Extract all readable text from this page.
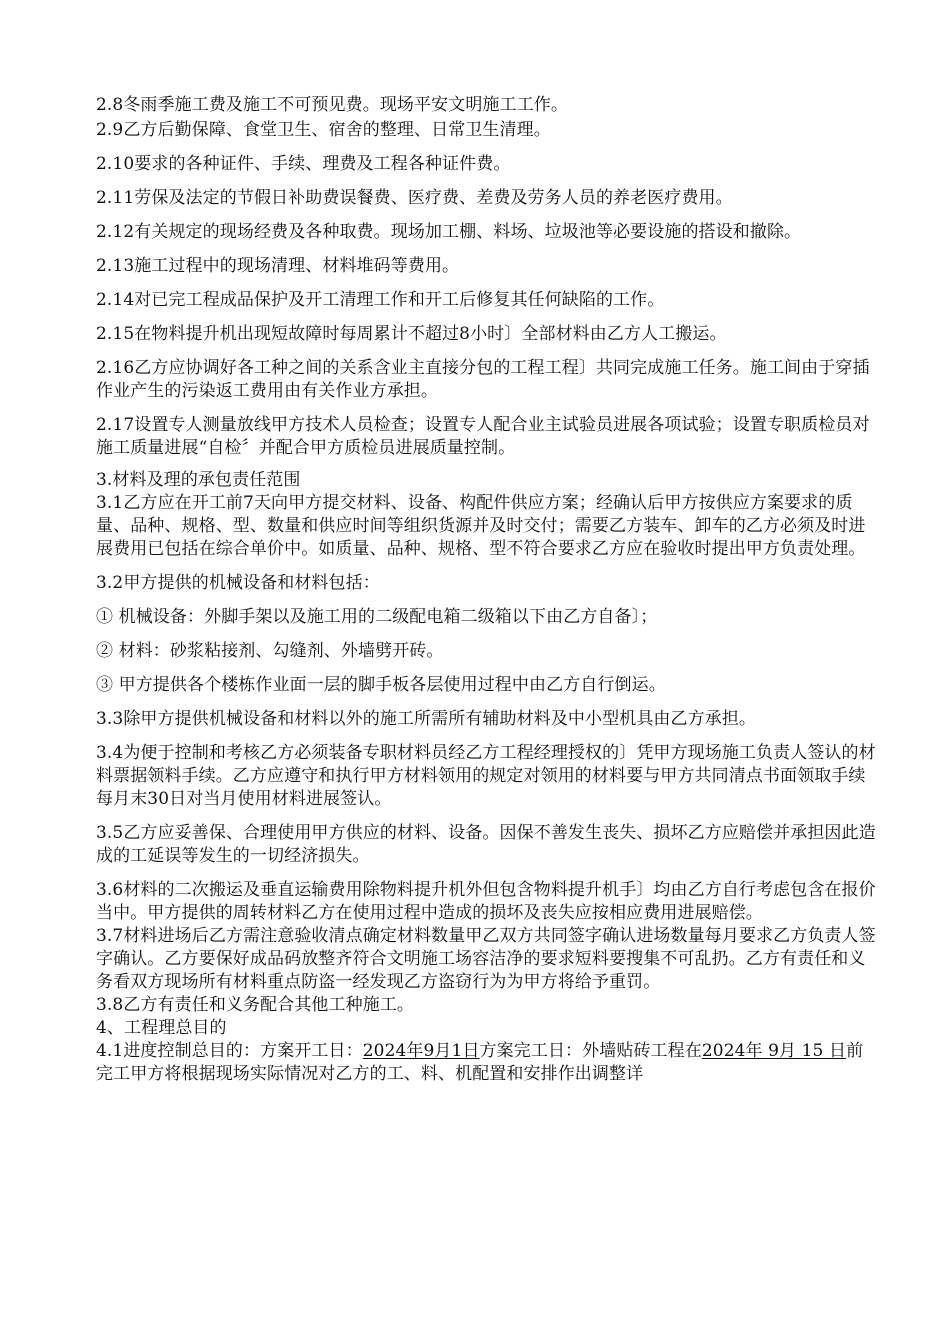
2.8冬雨季施工费及施工不可预见费。现场平安文明施工工作。

2.9乙方后勤保障、食堂卫生、宿舍的整理、日常卫生清理。

2.10要求的各种证件、手续、理费及工程各种证件费。

2.11劳保及法定的节假日补助费误餐费、医疗费、差费及劳务人员的养老医疗费用。

2.12有关规定的现场经费及各种取费。现场加工棚、料场、垃圾池等必要设施的搭设和撤除。

2.13施工过程中的现场清理、材料堆码等费用。

2.14对已完工程成品保护及开工清理工作和开工后修复其任何缺陷的工作。

2.15在物料提升机出现短故障时每周累计不超过8小时〕全部材料由乙方人工搬运。

2.16乙方应协调好各工种之间的关系含业主直接分包的工程工程〕共同完成施工任务。施工间由于穿插作业产生的污染返工费用由有关作业方承担。

2.17设置专人测量放线甲方技术人员检查；设置专人配合业主试验员进展各项试验；设置专职质检员对施工质量进展“自检〞并配合甲方质检员进展质量控制。

3.材料及理的承包责任范围

3.1乙方应在开工前7天向甲方提交材料、设备、构配件供应方案；经确认后甲方按供应方案要求的质量、品种、规格、型、数量和供应时间等组织货源并及时交付；需要乙方装车、卸车的乙方必须及时进展费用已包括在综合单价中。如质量、品种、规格、型不符合要求乙方应在验收时提出甲方负责处理。

3.2甲方提供的机械设备和材料包括：

① 机械设备：外脚手架以及施工用的二级配电箱二级箱以下由乙方自备〕；

② 材料：砂浆粘接剂、勾缝剂、外墙劈开砖。

③ 甲方提供各个楼栋作业面一层的脚手板各层使用过程中由乙方自行倒运。

3.3除甲方提供机械设备和材料以外的施工所需所有辅助材料及中小型机具由乙方承担。

3.4为便于控制和考核乙方必须装备专职材料员经乙方工程经理授权的〕凭甲方现场施工负责人签认的材料票据领料手续。乙方应遵守和执行甲方材料领用的规定对领用的材料要与甲方共同清点书面领取手续每月末30日对当月使用材料进展签认。

3.5乙方应妥善保、合理使用甲方供应的材料、设备。因保不善发生丧失、损坏乙方应赔偿并承担因此造成的工延误等发生的一切经济损失。

3.6材料的二次搬运及垂直运输费用除物料提升机外但包含物料提升机手〕均由乙方自行考虑包含在报价当中。甲方提供的周转材料乙方在使用过程中造成的损坏及丧失应按相应费用进展赔偿。

3.7材料进场后乙方需注意验收清点确定材料数量甲乙双方共同签字确认进场数量每月要求乙方负责人签字确认。乙方要保好成品码放整齐符合文明施工场容洁净的要求短料要搜集不可乱扔。乙方有责任和义务看双方现场所有材料重点防盗一经发现乙方盗窃行为为甲方将给予重罚。

3.8乙方有责任和义务配合其他工种施工。

4、工程理总目的

4.1进度控制总目的：方案开工日：2024年9月1日方案完工日：外墙贴砖工程在2024年 9月 15 日前完工甲方将根据现场实际情况对乙方的工、料、机配置和安排作出调整详
